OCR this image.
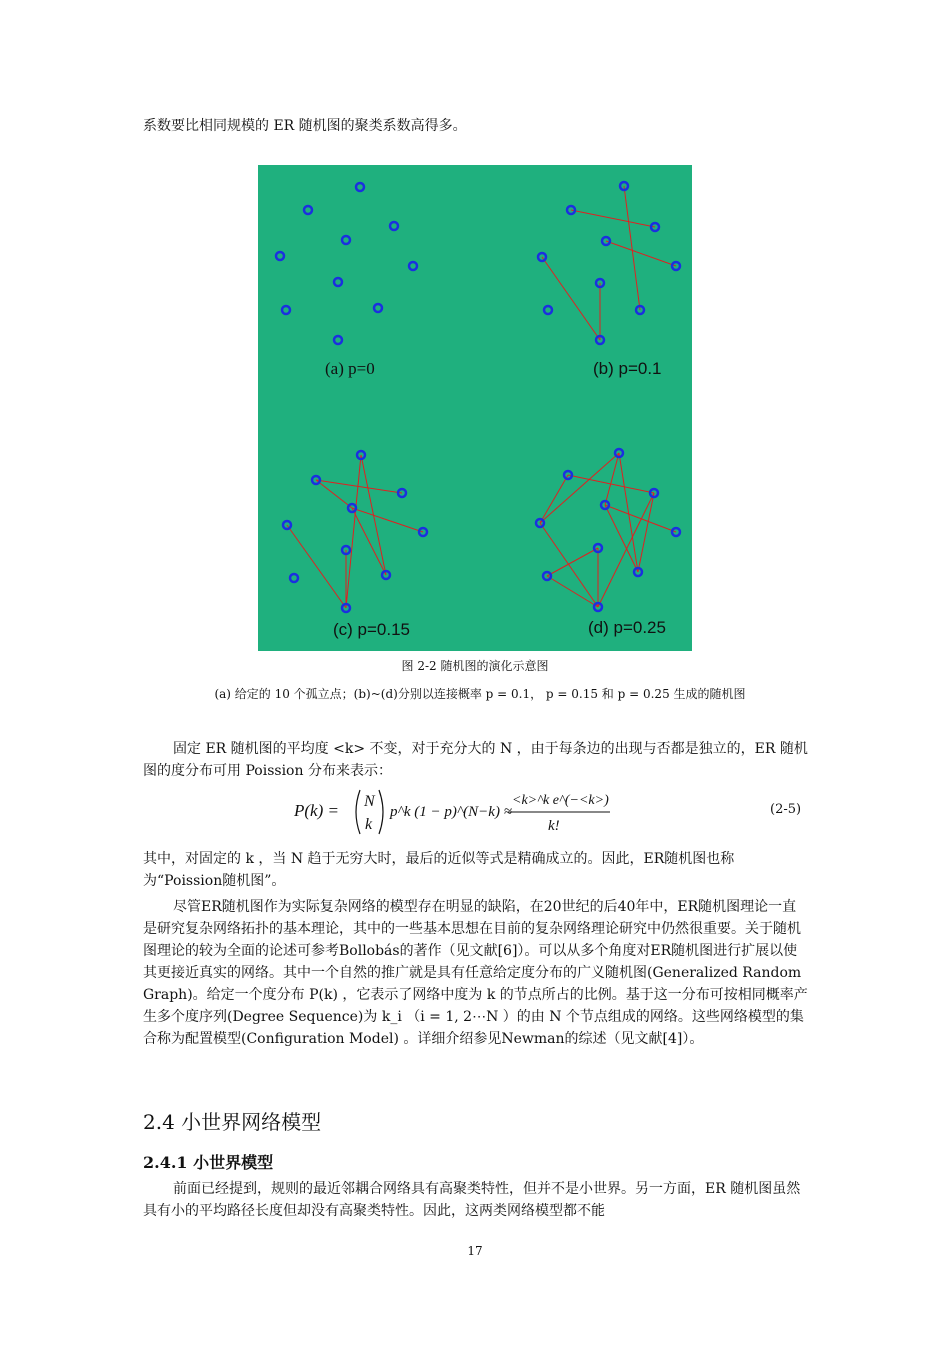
系数要比相同规模的 ER 随机图的聚类系数高得多。
(a) p=0	(b) p=0.1
(c) p=0.15	(d) p=0.25
图 2-2 随机图的演化示意图
(a) 给定的 10 个孤立点；(b)~(d)分别以连接概率 p = 0.1， p = 0.15 和 p = 0.25 生成的随机图

固定 ER 随机图的平均度 <k> 不变，对于充分大的 N ，由于每条边的出现与否都是独立的，ER 随机图的度分布可用 Poission 分布来表示：

P(k) = N
k
p^k (1 − p)^(N−k) ≈
<k>^k e^(−<k>)
k!
(2-5)

其中，对固定的 k ，当 N 趋于无穷大时，最后的近似等式是精确成立的。因此，ER随机图也称为“Poission随机图”。

尽管ER随机图作为实际复杂网络的模型存在明显的缺陷，在20世纪的后40年中，ER随机图理论一直是研究复杂网络拓扑的基本理论，其中的一些基本思想在目前的复杂网络理论研究中仍然很重要。关于随机图理论的较为全面的论述可参考Bollobás的著作（见文献[6]）。可以从多个角度对ER随机图进行扩展以使其更接近真实的网络。其中一个自然的推广就是具有任意给定度分布的广义随机图(Generalized Random Graph)。给定一个度分布 P(k) ，它表示了网络中度为 k 的节点所占的比例。基于这一分布可按相同概率产生多个度序列(Degree Sequence)为 k_i （i = 1, 2⋯N ）的由 N 个节点组成的网络。这些网络模型的集合称为配置模型(Configuration Model) 。详细介绍参见Newman的综述（见文献[4]）。

2.4 小世界网络模型
2.4.1 小世界模型

前面已经提到，规则的最近邻耦合网络具有高聚类特性，但并不是小世界。另一方面，ER 随机图虽然具有小的平均路径长度但却没有高聚类特性。因此，这两类网络模型都不能

17
